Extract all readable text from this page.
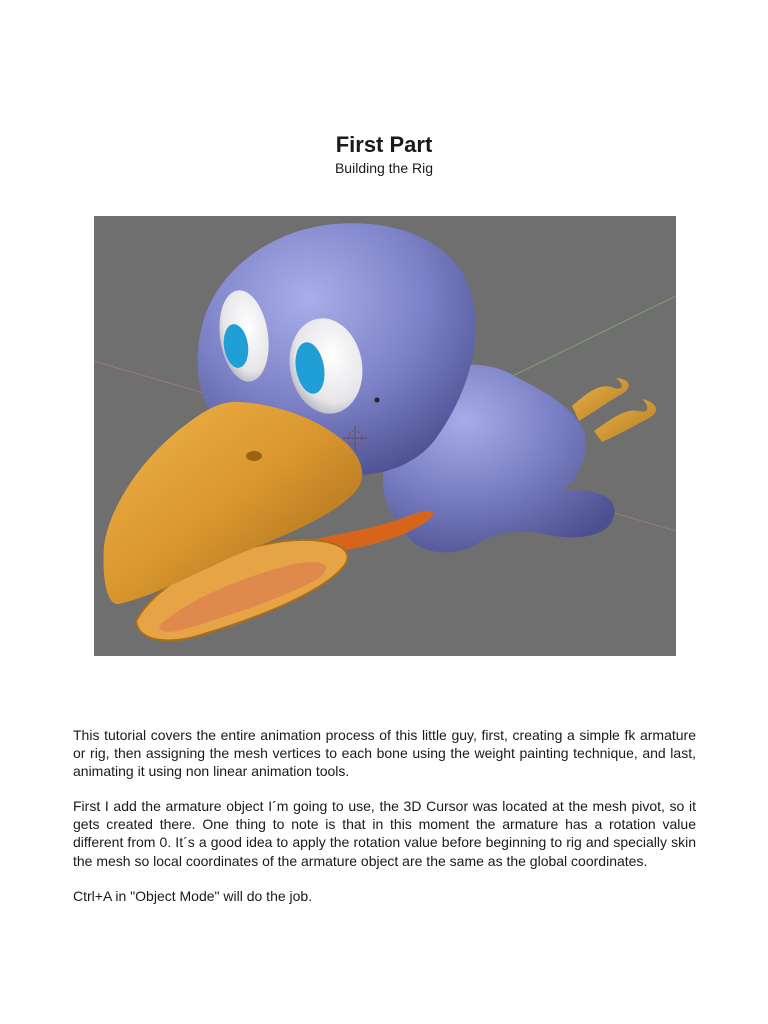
First Part

Building the Rig

This tutorial covers the entire animation process of this little guy, first, creating a simple fk armature or rig, then assigning the mesh vertices to each bone using the weight painting technique, and last, animating it using non linear animation tools.

First I add the armature object I´m going to use, the 3D Cursor was located at the mesh pivot, so it gets created there. One thing to note is that in this moment the armature has a rotation value different from 0. It´s a good idea to apply the rotation value before beginning to rig and specially skin the mesh so local coordinates of the armature object are the same as the global coordinates.

Ctrl+A in "Object Mode" will do the job.
